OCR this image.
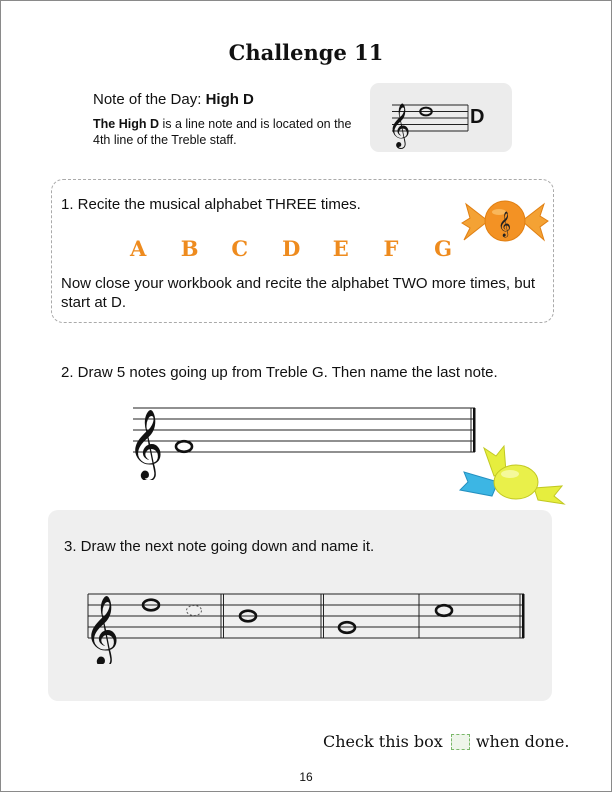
Challenge 11
Note of the Day: High D
The High D is a line note and is located on the 4th line of the Treble staff.	𝄞	D
1. Recite the musical alphabet THREE times.
A B C D E F G
Now close your workbook and recite the alphabet TWO more times, but start at D.
𝄞
2. Draw 5 notes going up from Treble G. Then name the last note.
𝄞
3. Draw the next note going down and name it.
𝄞
Check this box when done.
16
